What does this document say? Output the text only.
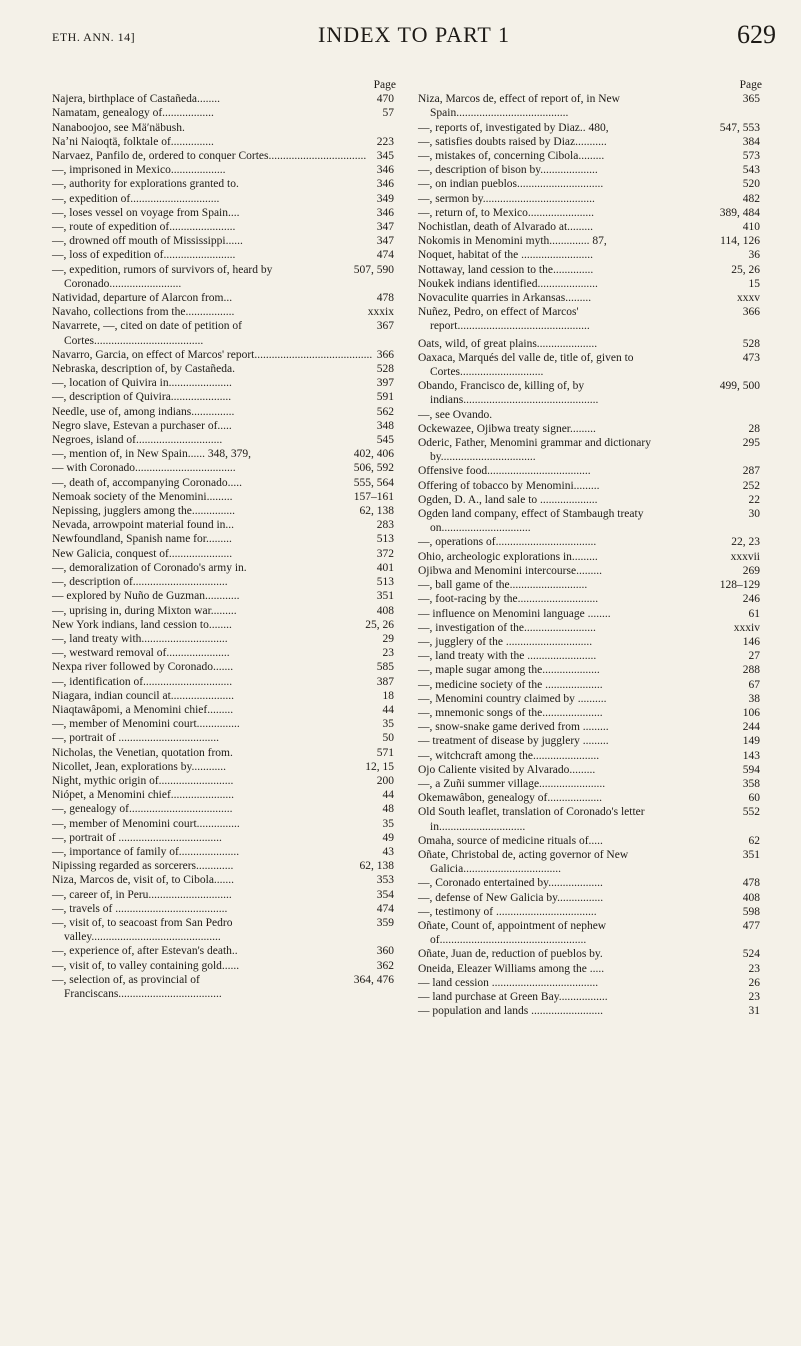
ETH. ANN. 14]	INDEX TO PART 1	629
Page
470
Najera, birthplace of Castañeda........
57
Namatam, genealogy of..................
Nanaboojoo, see Mä′näbush.
223
Naʼni Naioqtä, folktale of...............
345
Narvaez, Panfilo de, ordered to conquer Cortes..................................
346
—, imprisoned in Mexico...................
346
—, authority for explorations granted to.
349
—, expedition of...............................
346
—, loses vessel on voyage from Spain....
347
—, route of expedition of.......................
347
—, drowned off mouth of Mississippi......
474
—, loss of expedition of.........................
507, 590
—, expedition, rumors of survivors of, heard by Coronado.........................
478
Natividad, departure of Alarcon from...
xxxix
Navaho, collections from the.................
367
Navarrete, —, cited on date of petition of Cortes......................................
366
Navarro, Garcia, on effect of Marcos' report.........................................
528
Nebraska, description of, by Castañeda.
397
—, location of Quivira in......................
591
—, description of Quivira.....................
562
Needle, use of, among indians...............
348
Negro slave, Estevan a purchaser of.....
545
Negroes, island of..............................
402, 406
—, mention of, in New Spain...... 348, 379,
506, 592
— with Coronado...................................
555, 564
—, death of, accompanying Coronado.....
157–161
Nemoak society of the Menomini.........
62, 138
Nepissing, jugglers among the...............
283
Nevada, arrowpoint material found in...
513
Newfoundland, Spanish name for.........
372
New Galicia, conquest of......................
401
—, demoralization of Coronado's army in.
513
—, description of.................................
351
— explored by Nuño de Guzman............
408
—, uprising in, during Mixton war.........
25, 26
New York indians, land cession to........
29
—, land treaty with..............................
23
—, westward removal of......................
585
Nexpa river followed by Coronado.......
387
—, identification of...............................
18
Niagara, indian council at......................
44
Niaqtawâpomi, a Menomini chief.........
35
—, member of Menomini court...............
50
—, portrait of ...................................
571
Nicholas, the Venetian, quotation from.
12, 15
Nicollet, Jean, explorations by............
200
Night, mythic origin of..........................
44
Niópet, a Menomini chief......................
48
—, genealogy of....................................
35
—, member of Menomini court...............
49
—, portrait of ....................................
43
—, importance of family of.....................
62, 138
Nipissing regarded as sorcerers.............
353
Niza, Marcos de, visit of, to Cibola.......
354
—, career of, in Peru.............................
474
—, travels of .......................................
359
—, visit of, to seacoast from San Pedro valley.............................................
360
—, experience of, after Estevan's death..
362
—, visit of, to valley containing gold......
364, 476
—, selection of, as provincial of Franciscans....................................
Page
365
Niza, Marcos de, effect of report of, in New Spain.......................................
547, 553
—, reports of, investigated by Diaz.. 480,
384
—, satisfies doubts raised by Diaz...........
573
—, mistakes of, concerning Cibola.........
543
—, description of bison by....................
520
—, on indian pueblos..............................
482
—, sermon by.......................................
389, 484
—, return of, to Mexico.......................
410
Nochistlan, death of Alvarado at.........
114, 126
Nokomis in Menomini myth.............. 87,
36
Noquet, habitat of the .........................
25, 26
Nottaway, land cession to the..............
15
Noukek indians identified.....................
xxxv
Novaculite quarries in Arkansas.........
366
Nuñez, Pedro, on effect of Marcos' report..............................................
528
Oats, wild, of great plains.....................
473
Oaxaca, Marqués del valle de, title of, given to Cortes.............................
499, 500
Obando, Francisco de, killing of, by indians...............................................
—, see Ovando.
28
Ockewazee, Ojibwa treaty signer.........
295
Oderic, Father, Menomini grammar and dictionary by.................................
287
Offensive food....................................
252
Offering of tobacco by Menomini.........
22
Ogden, D. A., land sale to ....................
30
Ogden land company, effect of Stambaugh treaty on...............................
22, 23
—, operations of...................................
xxxvii
Ohio, archeologic explorations in.........
269
Ojibwa and Menomini intercourse.........
128–129
—, ball game of the...........................
246
—, foot-racing by the............................
61
— influence on Menomini language ........
xxxiv
—, investigation of the.........................
146
—, jugglery of the ..............................
27
—, land treaty with the ........................
288
—, maple sugar among the....................
67
—, medicine society of the ....................
38
—, Menomini country claimed by ..........
106
—, mnemonic songs of the.....................
244
—, snow-snake game derived from .........
149
— treatment of disease by jugglery .........
143
—, witchcraft among the.......................
594
Ojo Caliente visited by Alvarado.........
358
—, a Zuñi summer village.......................
60
Okemawâbon, genealogy of...................
552
Old South leaflet, translation of Coronado's letter in..............................
62
Omaha, source of medicine rituals of.....
351
Oñate, Christobal de, acting governor of New Galicia..................................
478
—, Coronado entertained by...................
408
—, defense of New Galicia by................
598
—, testimony of ...................................
477
Oñate, Count of, appointment of nephew of...................................................
524
Oñate, Juan de, reduction of pueblos by.
23
Oneida, Eleazer Williams among the .....
26
— land cession .....................................
23
— land purchase at Green Bay.................
31
— population and lands .........................
